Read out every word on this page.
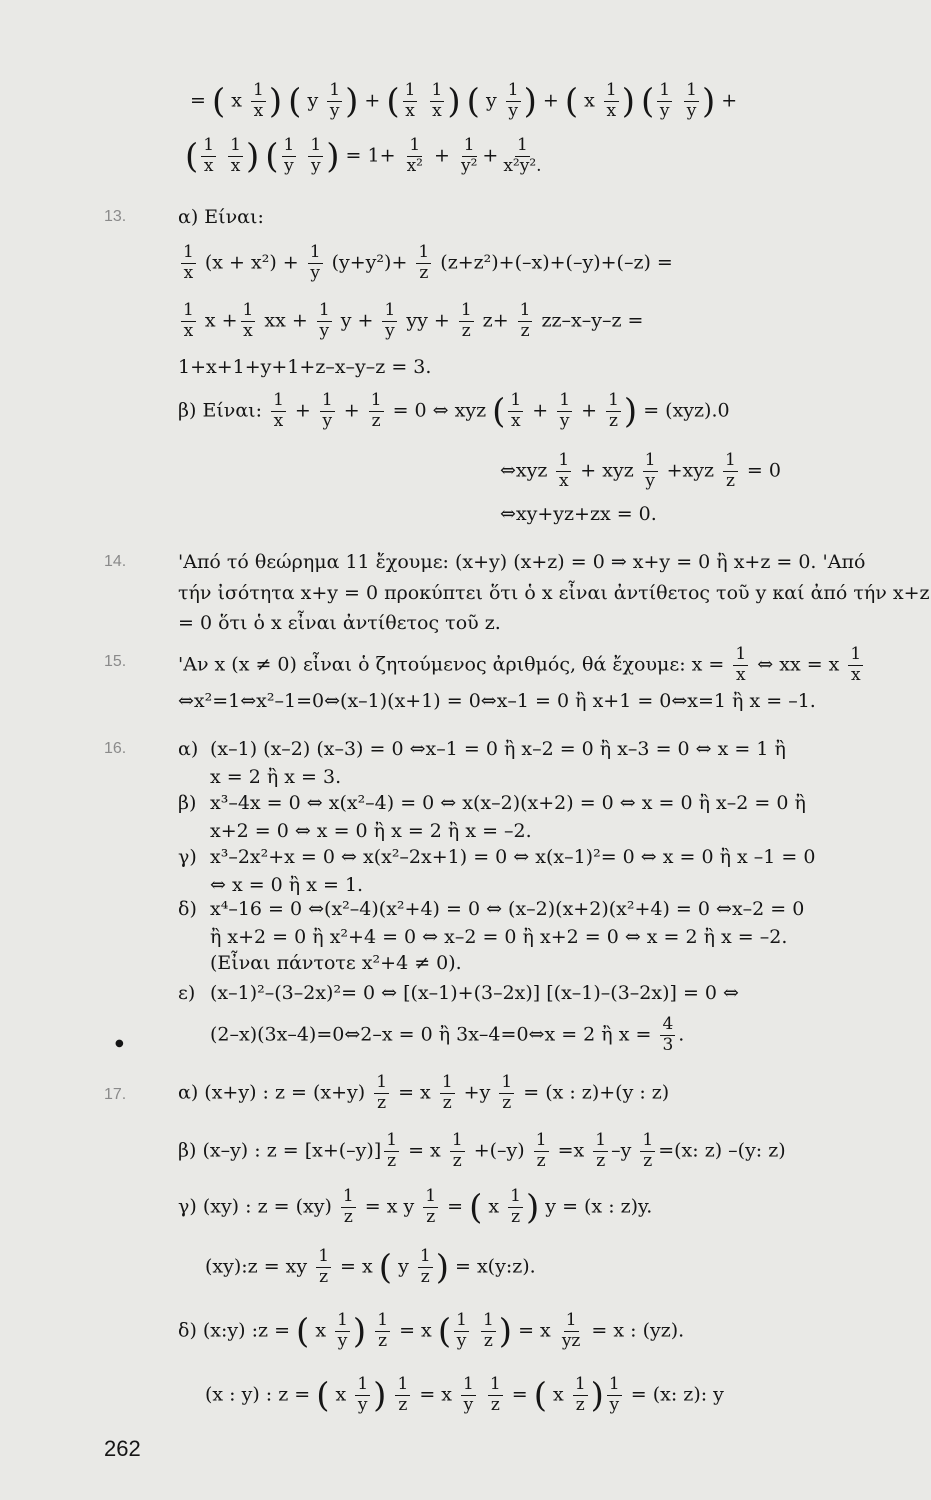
= ( x $\frac{1}{x}$ ) ( y $\frac{1}{y}$ ) + ( $\frac{1}{x}$
$\frac{1}{x}$ ) ( y $\frac{1}{y}$ ) + ( x $\frac{1}{x}$ ) ( $\frac{1}{y}$
$\frac{1}{y}$ ) +
( $\frac{1}{x}$
$\frac{1}{x}$ ) ( $\frac{1}{y}$
$\frac{1}{y}$ ) = $1+ \frac{1}{\text{x²}} + \frac{1}{\text{y²}} + \frac{1}{\text{x²y².}}$
13.	α) Είναι:
$\frac{1}{x} (x + x^2) + \frac{1}{y} (y+y^2)+ \frac{1}{z} (z+z^2)+(-x)+(-y)+(-z)$ =
$\frac{1}{x}$ $x + \frac{1}{x}$ xx + $\frac{1}{y}$ $y + \frac{1}{y}$ yy + $\frac{1}{z} z+ \frac{1}{z} zz-x-y-z$ =
1+x+1+y+1+z–x–y–z = 3.
β) Είναι: $\frac{1}{x} + \frac{1}{y} + \frac{1}{z} = 0$ ⇔ xyz ( $\frac{1}{x} + \frac{1}{y} + \frac{1}{z}$ ) = (xyz).0
⇔xyz $\frac{1}{x}$ + xyz $\frac{1}{y} +xyz \frac{1}{z} = 0$
⇔xy+yz+zx = 0.
14.	'Από τό θεώρημα 11 ἔχουμε: (x+y) (x+z) = 0 ⇒ x+y = 0 ἢ x+z = 0. 'Από
τήν ἰσότητα x+y = 0 προκύπτει ὅτι ὁ x εἶναι ἀντίθετος τοῦ y καί ἀπό τήν x+z
= 0 ὅτι ὁ x εἶναι ἀντίθετος τοῦ z.
15.	'Αν x (x ≠ 0) εἶναι ὁ ζητούμενος ἀριθμός, θά ἔχουμε: $x = \frac{1}{x}$ ⇔ xx = x $\frac{1}{x}$
⇔x²=1⇔x²–1=0⇔(x–1)(x+1) = 0⇔x–1 = 0 ἢ x+1 = 0⇔x=1 ἢ x = –1.
16.	α) (x–1) (x–2) (x–3) = 0 ⇔x–1 = 0 ἢ x–2 = 0 ἢ x–3 = 0 ⇔ x = 1 ἢ
x = 2 ἢ x = 3.
β) x³–4x = 0 ⇔ x(x²–4) = 0 ⇔ x(x–2)(x+2) = 0 ⇔ x = 0 ἢ x–2 = 0 ἢ
x+2 = 0 ⇔ x = 0 ἢ x = 2 ἢ x = –2.
γ) x³–2x²+x = 0 ⇔ x(x²–2x+1) = 0 ⇔ x(x–1)²= 0 ⇔ x = 0 ἢ x –1 = 0
⇔ x = 0 ἢ x = 1.
δ) x⁴–16 = 0 ⇔(x²–4)(x²+4) = 0 ⇔ (x–2)(x+2)(x²+4) = 0 ⇔x–2 = 0
ἢ x+2 = 0 ἢ x²+4 = 0 ⇔ x–2 = 0 ἢ x+2 = 0 ⇔ x = 2 ἢ x = –2.
(Εἶναι πάντοτε x²+4 ≠ 0).
ε) (x–1)²–(3–2x)²= 0 ⇔ [(x–1)+(3–2x)] [(x–1)–(3–2x)] = 0 ⇔
(2–x)(3x–4)=0⇔2–x = 0 ἢ 3x–4=0⇔x = 2 ἢ $x = \frac{4}{3}$ .
●
17.	α) (x+y) : $z = (x+y) \frac{1}{z} = x \frac{1}{z} +y \frac{1}{z} = (x$ : z)+(y : z)
β) (x–y) : $z = [x+(-y)] \frac{1}{z} = x \frac{1}{z} +(-y) \frac{1}{z} =x \frac{1}{z} -y \frac{1}{z} =(x$: z) –(y: z)
γ) (xy) : $z = (xy) \frac{1}{z} = x$ y $\frac{1}{z}$ = ( x $\frac{1}{z}$ ) y = (x : z)y.
(xy):z = xy $\frac{1}{z} = x$ ( y $\frac{1}{z}$ ) = x(y:z).
δ) (x:y) :z = ( x $\frac{1}{y}$ ) $\frac{1}{z} = x$ ( $\frac{1}{y}$
$\frac{1}{z}$ ) = x $\frac{1}{yz} = x$ : (yz).
(x : y) : z = ( x $\frac{1}{y}$ ) $\frac{1}{z} = x \frac{1}{y}$
$\frac{1}{z}$ = ( x $\frac{1}{z}$ ) $\frac{1}{y} = (x$: z): y
262
